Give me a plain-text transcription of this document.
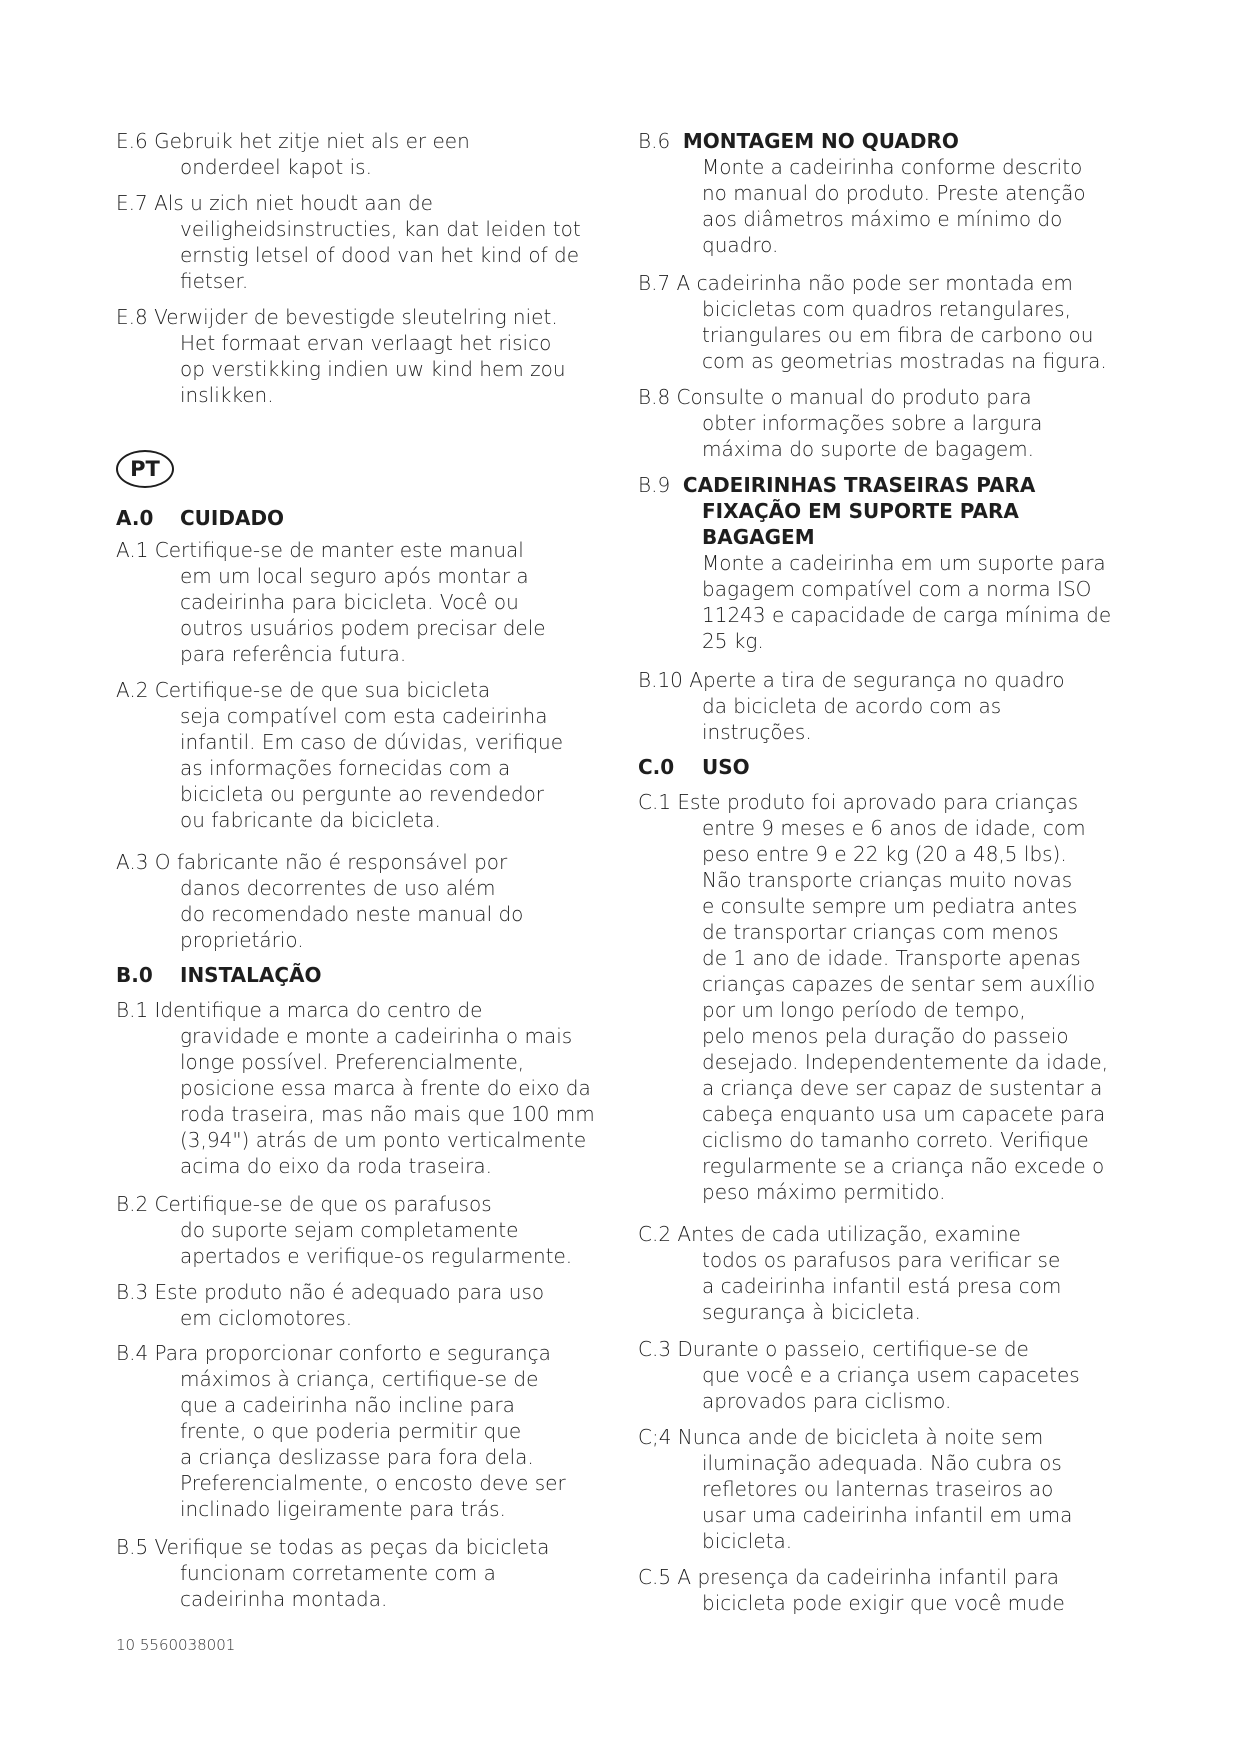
E.6 Gebruik het zitje niet als er een
onderdeel kapot is.
E.7 Als u zich niet houdt aan de
veiligheidsinstructies, kan dat leiden tot
ernstig letsel of dood van het kind of de
fietser.
E.8 Verwijder de bevestigde sleutelring niet.
Het formaat ervan verlaagt het risico
op verstikking indien uw kind hem zou
inslikken.
PT
A.0 CUIDADO
A.1 Certifique-se de manter este manual
em um local seguro após montar a
cadeirinha para bicicleta. Você ou
outros usuários podem precisar dele
para referência futura.
A.2 Certifique-se de que sua bicicleta
seja compatível com esta cadeirinha
infantil. Em caso de dúvidas, verifique
as informações fornecidas com a
bicicleta ou pergunte ao revendedor
ou fabricante da bicicleta.
A.3 O fabricante não é responsável por
danos decorrentes de uso além
do recomendado neste manual do
proprietário.
B.0 INSTALAÇÃO
B.1 Identifique a marca do centro de
gravidade e monte a cadeirinha o mais
longe possível. Preferencialmente,
posicione essa marca à frente do eixo da
roda traseira, mas não mais que 100 mm
(3,94") atrás de um ponto verticalmente
acima do eixo da roda traseira.
B.2 Certifique-se de que os parafusos
do suporte sejam completamente
apertados e verifique-os regularmente.
B.3 Este produto não é adequado para uso
em ciclomotores.
B.4 Para proporcionar conforto e segurança
máximos à criança, certifique-se de
que a cadeirinha não incline para
frente, o que poderia permitir que
a criança deslizasse para fora dela.
Preferencialmente, o encosto deve ser
inclinado ligeiramente para trás.
B.5 Verifique se todas as peças da bicicleta
funcionam corretamente com a
cadeirinha montada.
B.6 MONTAGEM NO QUADRO
Monte a cadeirinha conforme descrito
no manual do produto. Preste atenção
aos diâmetros máximo e mínimo do
quadro.
B.7 A cadeirinha não pode ser montada em
bicicletas com quadros retangulares,
triangulares ou em fibra de carbono ou
com as geometrias mostradas na figura.
B.8 Consulte o manual do produto para
obter informações sobre a largura
máxima do suporte de bagagem.
B.9 CADEIRINHAS TRASEIRAS PARA
FIXAÇÃO EM SUPORTE PARA
BAGAGEM
Monte a cadeirinha em um suporte para
bagagem compatível com a norma ISO
11243 e capacidade de carga mínima de
25 kg.
B.10 Aperte a tira de segurança no quadro
da bicicleta de acordo com as
instruções.
C.0 USO
C.1 Este produto foi aprovado para crianças
entre 9 meses e 6 anos de idade, com
peso entre 9 e 22 kg (20 a 48,5 lbs).
Não transporte crianças muito novas
e consulte sempre um pediatra antes
de transportar crianças com menos
de 1 ano de idade. Transporte apenas
crianças capazes de sentar sem auxílio
por um longo período de tempo,
pelo menos pela duração do passeio
desejado. Independentemente da idade,
a criança deve ser capaz de sustentar a
cabeça enquanto usa um capacete para
ciclismo do tamanho correto. Verifique
regularmente se a criança não excede o
peso máximo permitido.
C.2 Antes de cada utilização, examine
todos os parafusos para verificar se
a cadeirinha infantil está presa com
segurança à bicicleta.
C.3 Durante o passeio, certifique-se de
que você e a criança usem capacetes
aprovados para ciclismo.
C;4 Nunca ande de bicicleta à noite sem
iluminação adequada. Não cubra os
refletores ou lanternas traseiros ao
usar uma cadeirinha infantil em uma
bicicleta.
C.5 A presença da cadeirinha infantil para
bicicleta pode exigir que você mude
10 5560038001
